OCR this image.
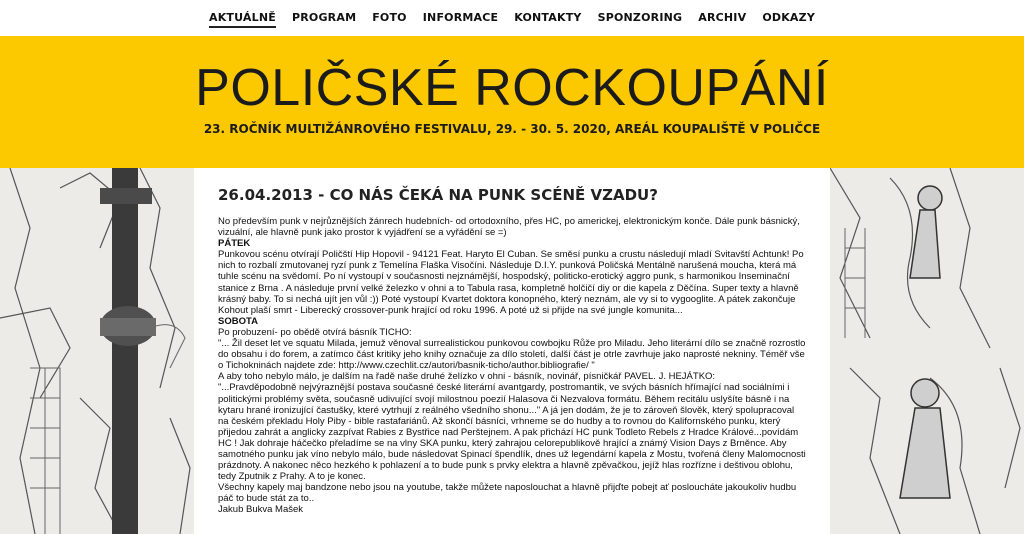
AKTUÁLNĚ	PROGRAM	FOTO	INFORMACE	KONTAKTY	SPONZORING	ARCHIV	ODKAZY
POLIČSKÉ ROCKOUPÁNÍ
23. ROČNÍK MULTIŽÁNROVÉHO FESTIVALU, 29. - 30. 5. 2020, AREÁL KOUPALIŠTĚ V POLIČCE
26.04.2013 - CO NÁS ČEKÁ NA PUNK SCÉNĚ VZADU?

No především punk v nejrůznějších žánrech hudebních- od ortodoxního, přes HC, po americkej, elektronickým konče. Dále punk básnický, vizuální, ale hlavně punk jako prostor k vyjádření se a vyřádění se =)

PÁTEK

Punkovou scénu otvírají Poličští Hip Hopovil - 94121 Feat. Haryto El Cuban. Se směsí punku a crustu následují mladí Svitavští Achtunk! Po nich to rozbalí zmutovanej ryzí punk z Temelína Flaška Visočíni. Následuje D.I.Y. punková Poličská Mentálně narušená moucha, která má tuhle scénu na svědomí. Po ní vystoupí v současnosti nejznámější, hospodský, politicko-erotický aggro punk, s harmonikou Inseminační stanice z Brna . A následuje první velké železko v ohni a to Tabula rasa, kompletně holčičí diy or die kapela z Děčína. Super texty a hlavně krásný baby. To si nechá ujít jen vůl :)) Poté vystoupí Kvartet doktora konopného, který neznám, ale vy si to vygooglite. A pátek zakončuje Kohout plaší smrt - Liberecký crossover-punk hrající od roku 1996. A poté už si přijde na své jungle komunita...

SOBOTA

Po probuzení- po obědě otvírá básník TICHO:

"... Žil deset let ve squatu Milada, jemuž věnoval surrealistickou punkovou cowbojku Růže pro Miladu. Jeho literární dílo se značně rozrostlo do obsahu i do forem, a zatímco část kritiky jeho knihy označuje za dílo století, další část je otrle zavrhuje jako naprosté nekniny. Téměř vše o Tichokninách najdete zde: http://www.czechlit.cz/autori/basnik-ticho/author.bibliografie/ "

A aby toho nebylo málo, je dalším na řadě naše druhé želízko v ohni - básník, novinář, písničkář PAVEL. J. HEJÁTKO:

"...Pravděpodobně nejvýraznější postava současné české literární avantgardy, postromantik, ve svých básních hřímající nad sociálními i politickými problémy světa, současně udivující svojí milostnou poezií Halasova či Nezvalova formátu. Během recitálu uslyšíte básně i na kytaru hrané ironizující častušky, které vytrhují z reálného všedního shonu..." A já jen dodám, že je to zároveň šlověk, který spolupracoval na českém překladu Holy Piby - bible rastafariánů. Až skončí básníci, vrhneme se do hudby a to rovnou do Kalifornského punku, který přijedou zahrát a anglicky zazpívat Rabies z Bystřice nad Perštejnem. A pak přichází HC punk Todleto Rebels z Hradce Králové...povídám HC ! Jak dohraje háčečko přeladíme se na vlny SKA punku, který zahrajou celorepublikově hrající a známý Vision Days z Brněnce. Aby samotného punku jak víno nebylo málo, bude následovat Spinací špendlík, dnes už legendární kapela z Mostu, tvořená členy Malomocnosti prázdnoty. A nakonec něco hezkého k pohlazení a to bude punk s prvky elektra a hlavně zpěvačkou, jejíž hlas rozříznе i deštivou oblohu, tedy Zputnik z Prahy. A to je konec.

Všechny kapely maj bandzone nebo jsou na youtube, takže můžete naposlouchat a hlavně přijďte pobejt ať posloucháte jakoukoliv hudbu páč to bude stát za to..

Jakub Bukva Mašek
